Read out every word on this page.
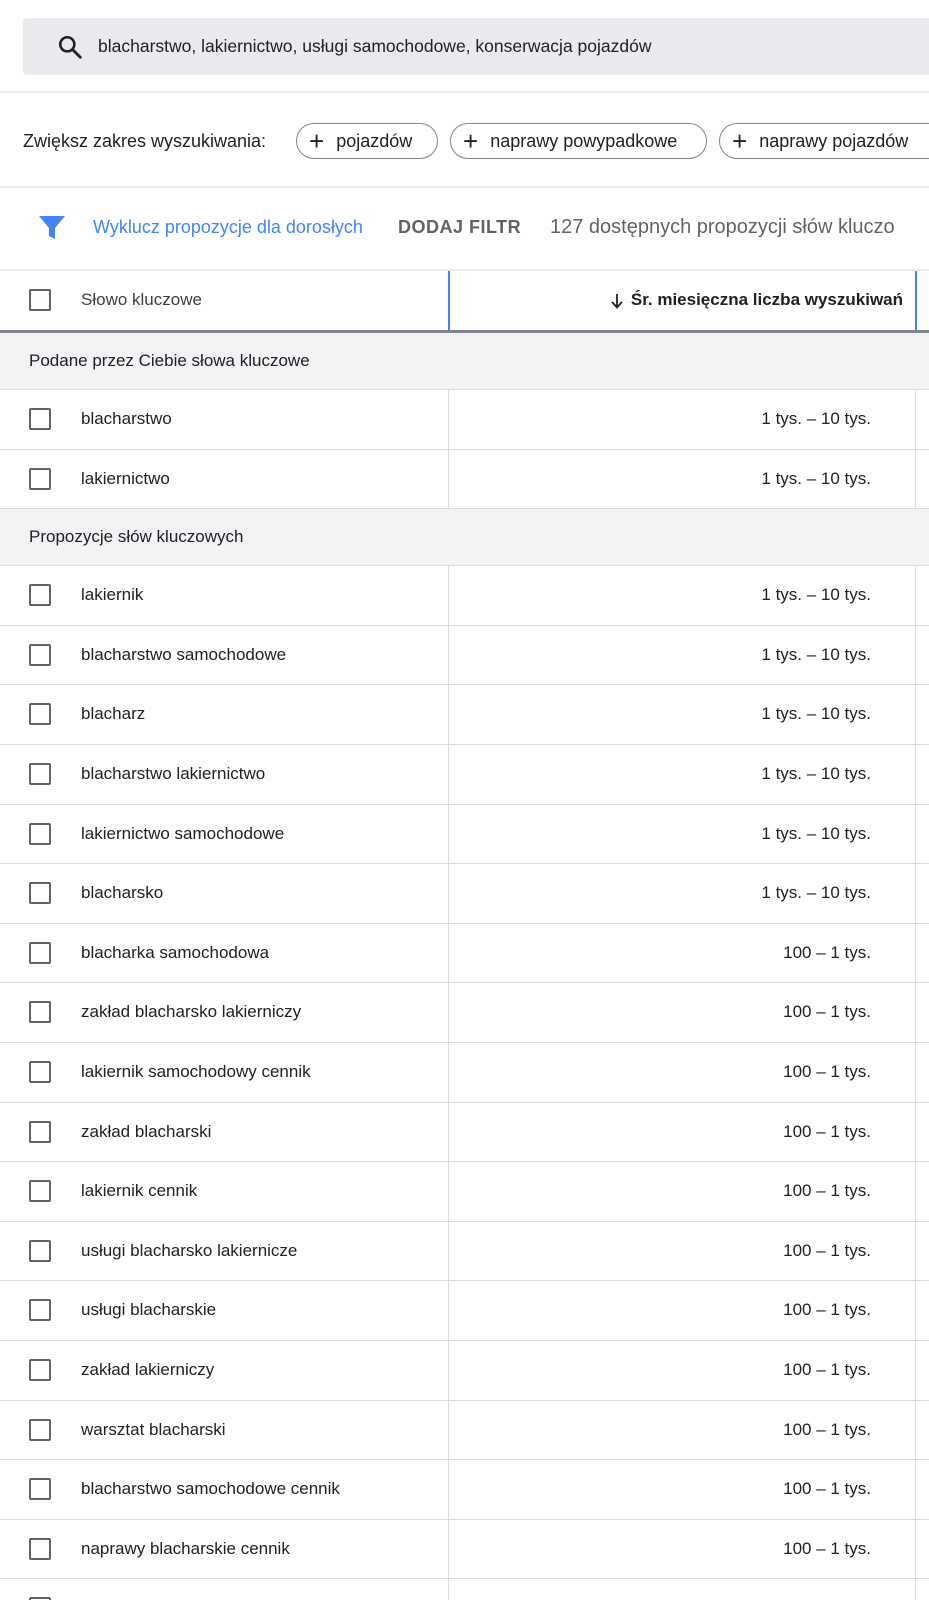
blacharstwo, lakiernictwo, usługi samochodowe, konserwacja pojazdów
Zwiększ zakres wyszukiwania: + pojazdów + naprawy powypadkowe + naprawy pojazdów
Wyklucz propozycje dla dorosłych DODAJ FILTR 127 dostępnych propozycji słów kluczo
Słowo kluczowe	Śr. miesięczna liczba wyszukiwań
Podane przez Ciebie słowa kluczowe
blacharstwo	1 tys. – 10 tys.
lakiernictwo	1 tys. – 10 tys.
Propozycje słów kluczowych
lakiernik	1 tys. – 10 tys.
blacharstwo samochodowe	1 tys. – 10 tys.
blacharz	1 tys. – 10 tys.
blacharstwo lakiernictwo	1 tys. – 10 tys.
lakiernictwo samochodowe	1 tys. – 10 tys.
blacharsko	1 tys. – 10 tys.
blacharka samochodowa	100 – 1 tys.
zakład blacharsko lakierniczy	100 – 1 tys.
lakiernik samochodowy cennik	100 – 1 tys.
zakład blacharski	100 – 1 tys.
lakiernik cennik	100 – 1 tys.
usługi blacharsko lakiernicze	100 – 1 tys.
usługi blacharskie	100 – 1 tys.
zakład lakierniczy	100 – 1 tys.
warsztat blacharski	100 – 1 tys.
blacharstwo samochodowe cennik	100 – 1 tys.
naprawy blacharskie cennik	100 – 1 tys.
